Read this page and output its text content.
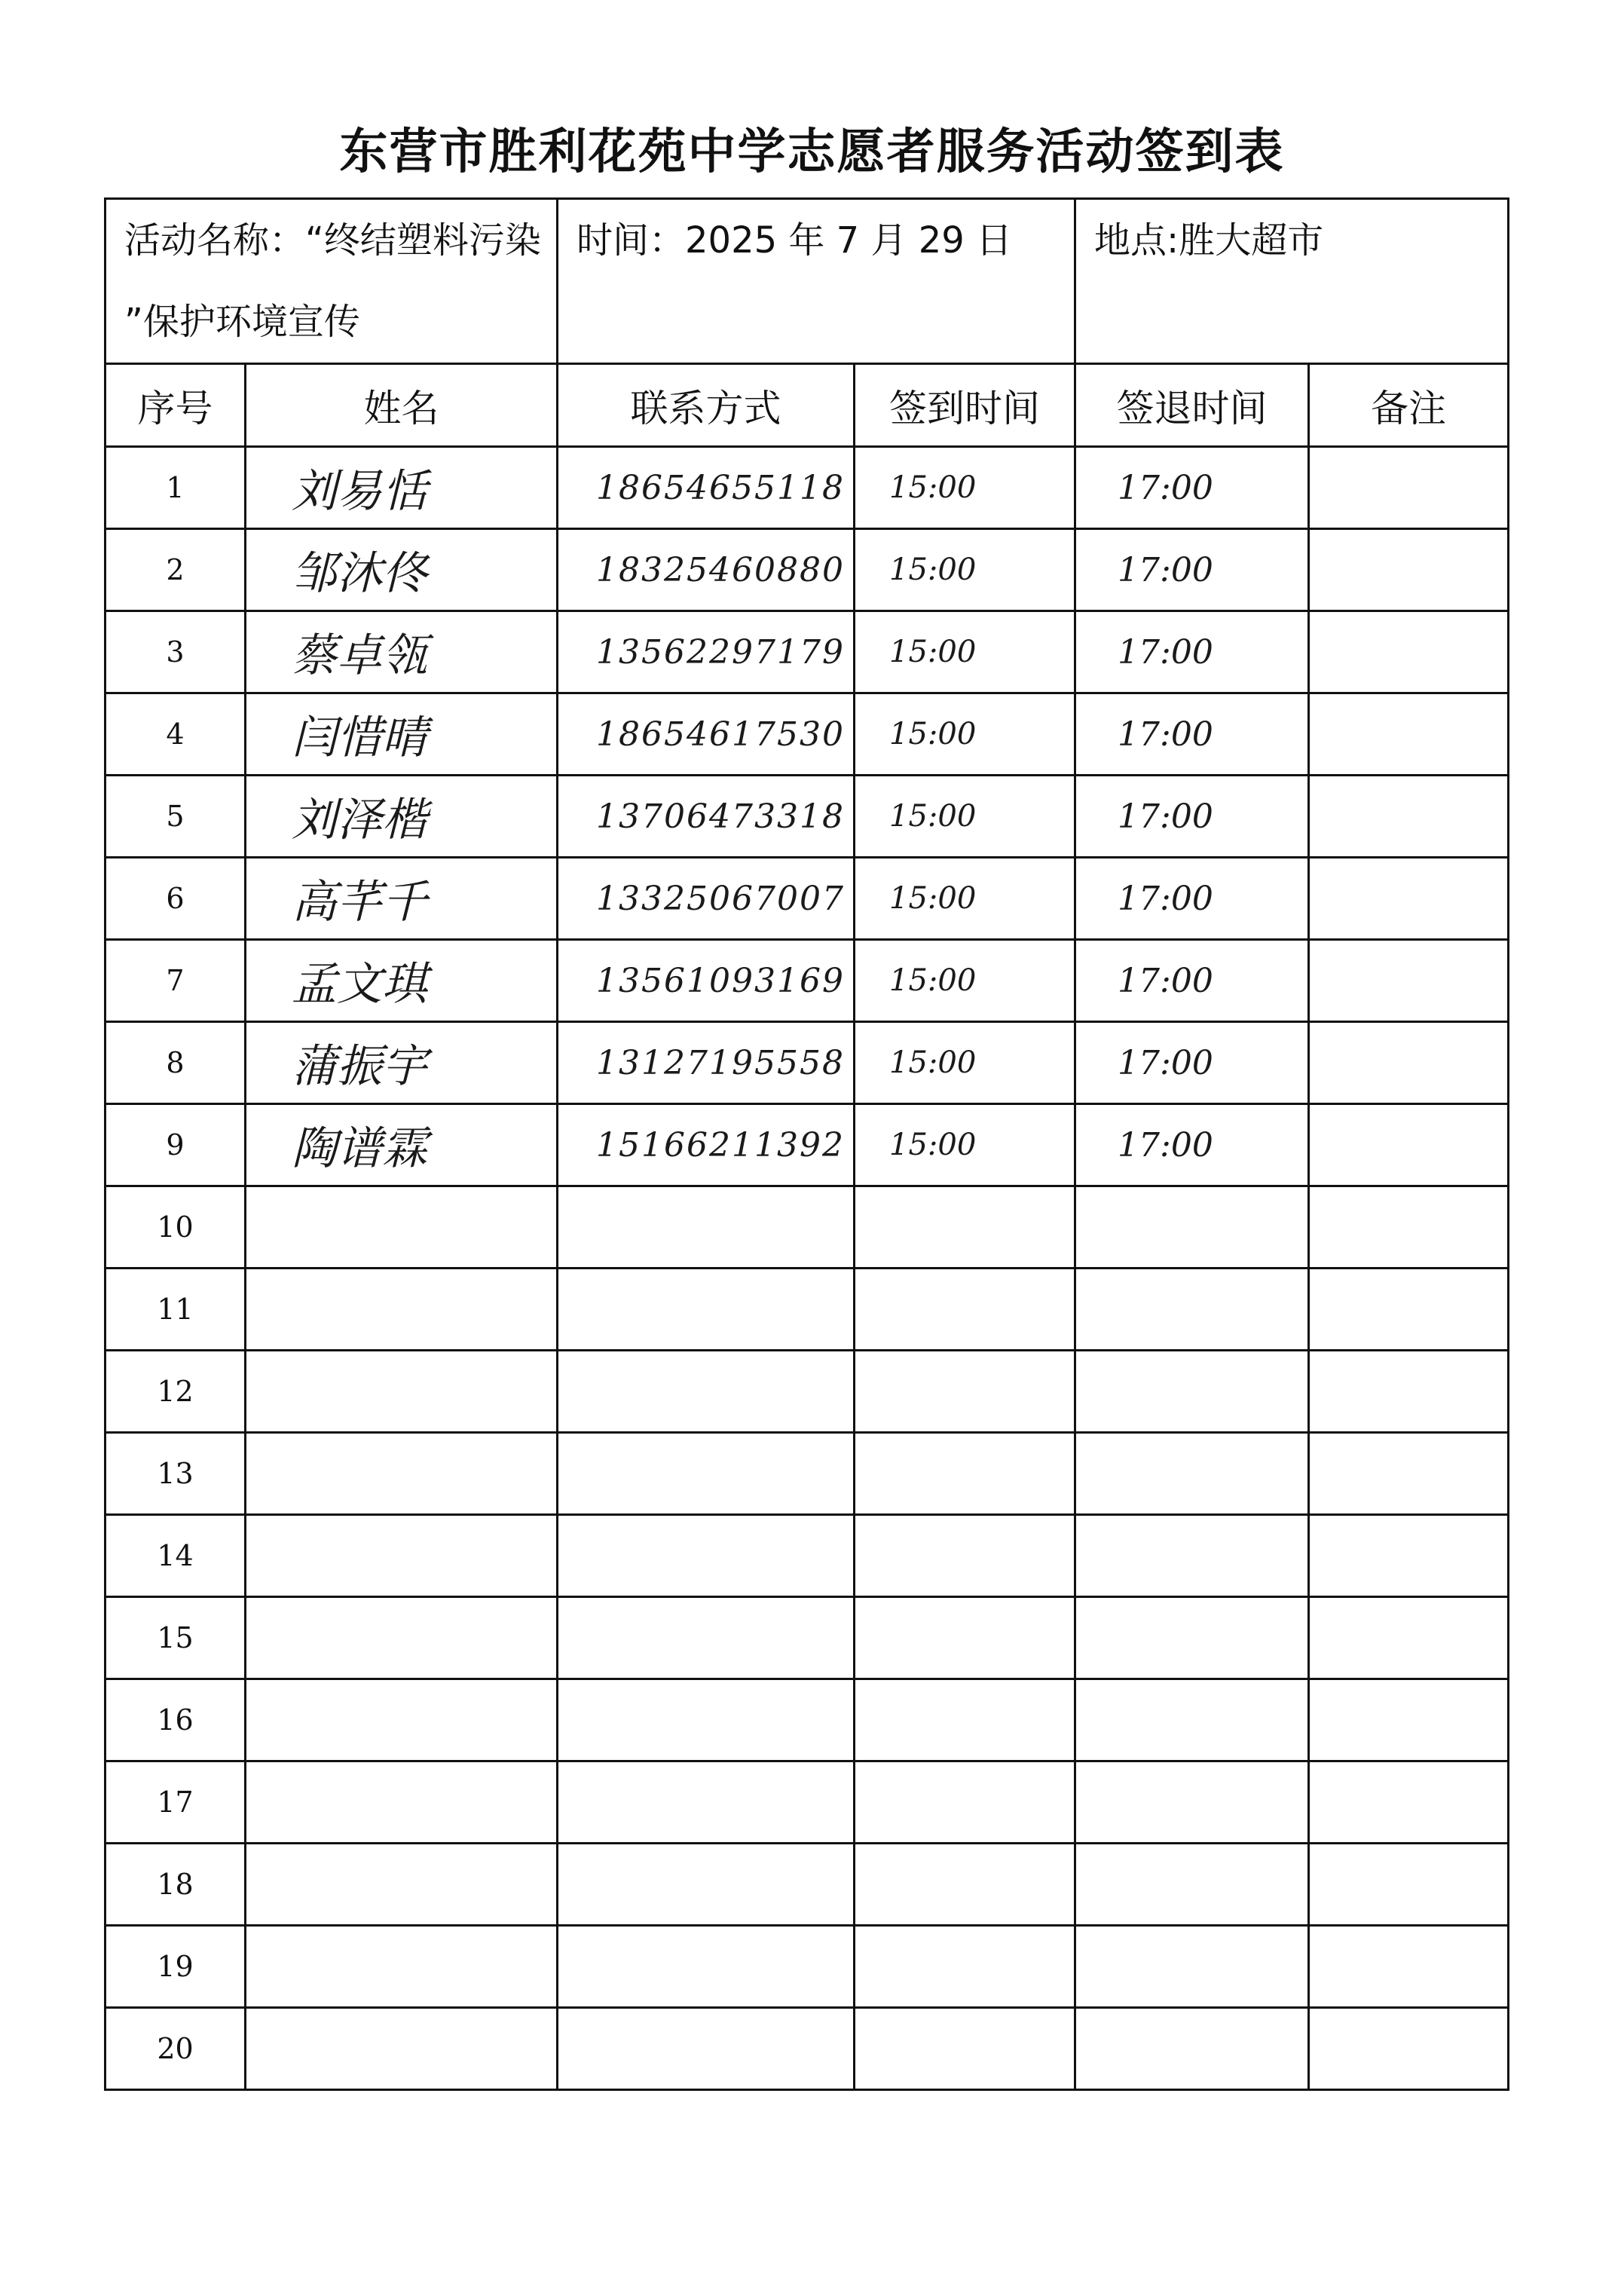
东营市胜利花苑中学志愿者服务活动签到表
活动名称：“终结塑料污染 ”保护环境宣传		时间：2025 年 7 月 29 日		地点:胜大超市	

序号	姓名	联系方式	签到时间	签退时间	备注
1	刘易恬	18654655118	15:00	17:00	
2	邹沐佟	18325460880	15:00	17:00	
3	蔡卓瓴	13562297179	15:00	17:00	
4	闫惜晴	18654617530	15:00	17:00	
5	刘泽楷	13706473318	15:00	17:00	
6	高芊千	13325067007	15:00	17:00	
7	孟文琪	13561093169	15:00	17:00	
8	蒲振宇	13127195558	15:00	17:00	
9	陶谱霖	15166211392	15:00	17:00	
10					
11					
12					
13					
14					
15					
16					
17					
18					
19					
20					
